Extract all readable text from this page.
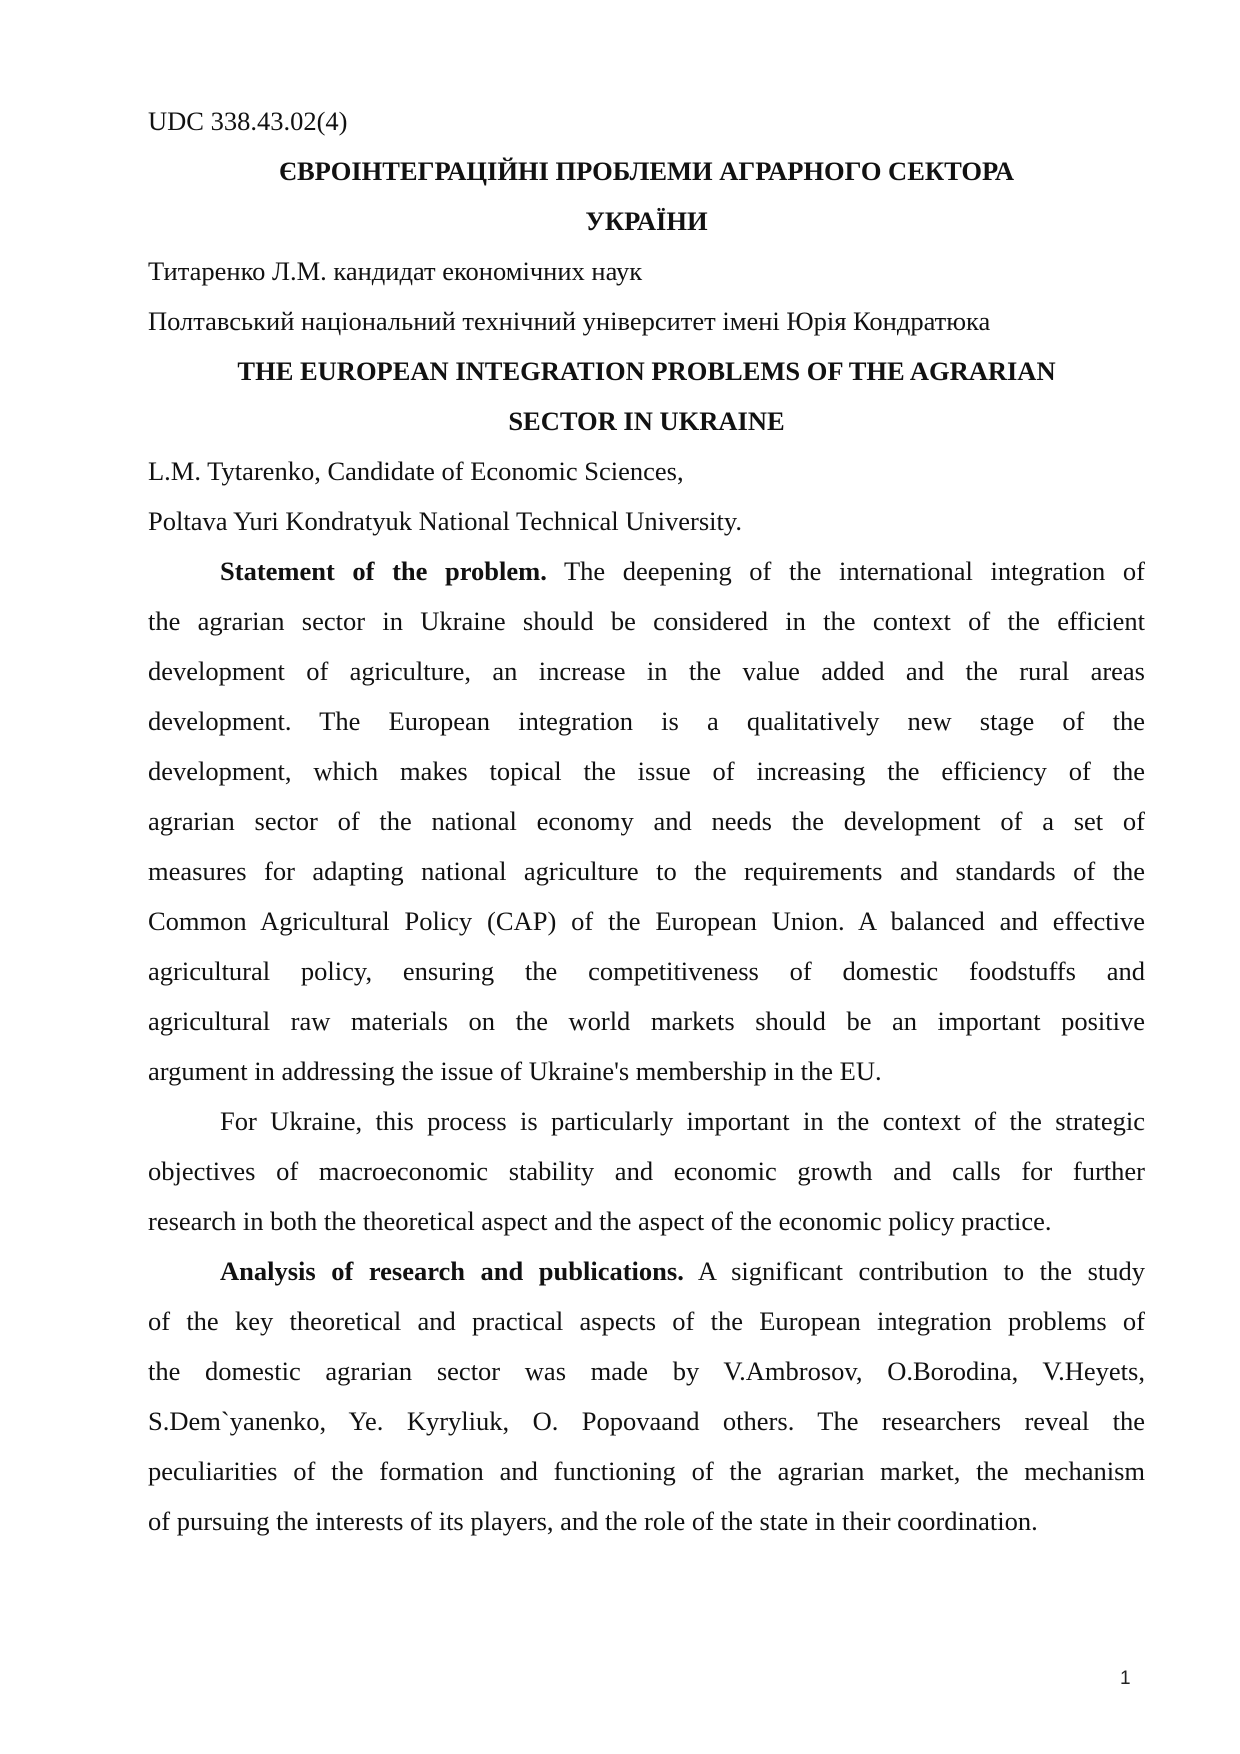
UDC 338.43.02(4)
ЄВРОІНТЕГРАЦІЙНІ ПРОБЛЕМИ АГРАРНОГО СЕКТОРА
УКРАЇНИ
Титаренко Л.М. кандидат економічних наук
Полтавський національний технічний університет імені Юрія Кондратюка
THE EUROPEAN INTEGRATION PROBLEMS OF THE AGRARIAN
SECTOR IN UKRAINE
L.M. Tytarenko, Candidate of Economic Sciences,
Poltava Yuri Kondratyuk National Technical University.
Statement of the problem. The deepening of the international integration of
the agrarian sector in Ukraine should be considered in the context of the efficient
development of agriculture, an increase in the value added and the rural areas
development. The European integration is a qualitatively new stage of the
development, which makes topical the issue of increasing the efficiency of the
agrarian sector of the national economy and needs the development of a set of
measures for adapting national agriculture to the requirements and standards of the
Common Agricultural Policy (CAP) of the European Union. A balanced and effective
agricultural policy, ensuring the competitiveness of domestic foodstuffs and
agricultural raw materials on the world markets should be an important positive
argument in addressing the issue of Ukraine's membership in the EU.
For Ukraine, this process is particularly important in the context of the strategic
objectives of macroeconomic stability and economic growth and calls for further
research in both the theoretical aspect and the aspect of the economic policy practice.
Analysis of research and publications. A significant contribution to the study
of the key theoretical and practical aspects of the European integration problems of
the domestic agrarian sector was made by V.Ambrosov, O.Borodina, V.Heyets,
S.Dem`yanenko, Ye. Kyryliuk, O. Popovaand others. The researchers reveal the
peculiarities of the formation and functioning of the agrarian market, the mechanism
of pursuing the interests of its players, and the role of the state in their coordination.
1
